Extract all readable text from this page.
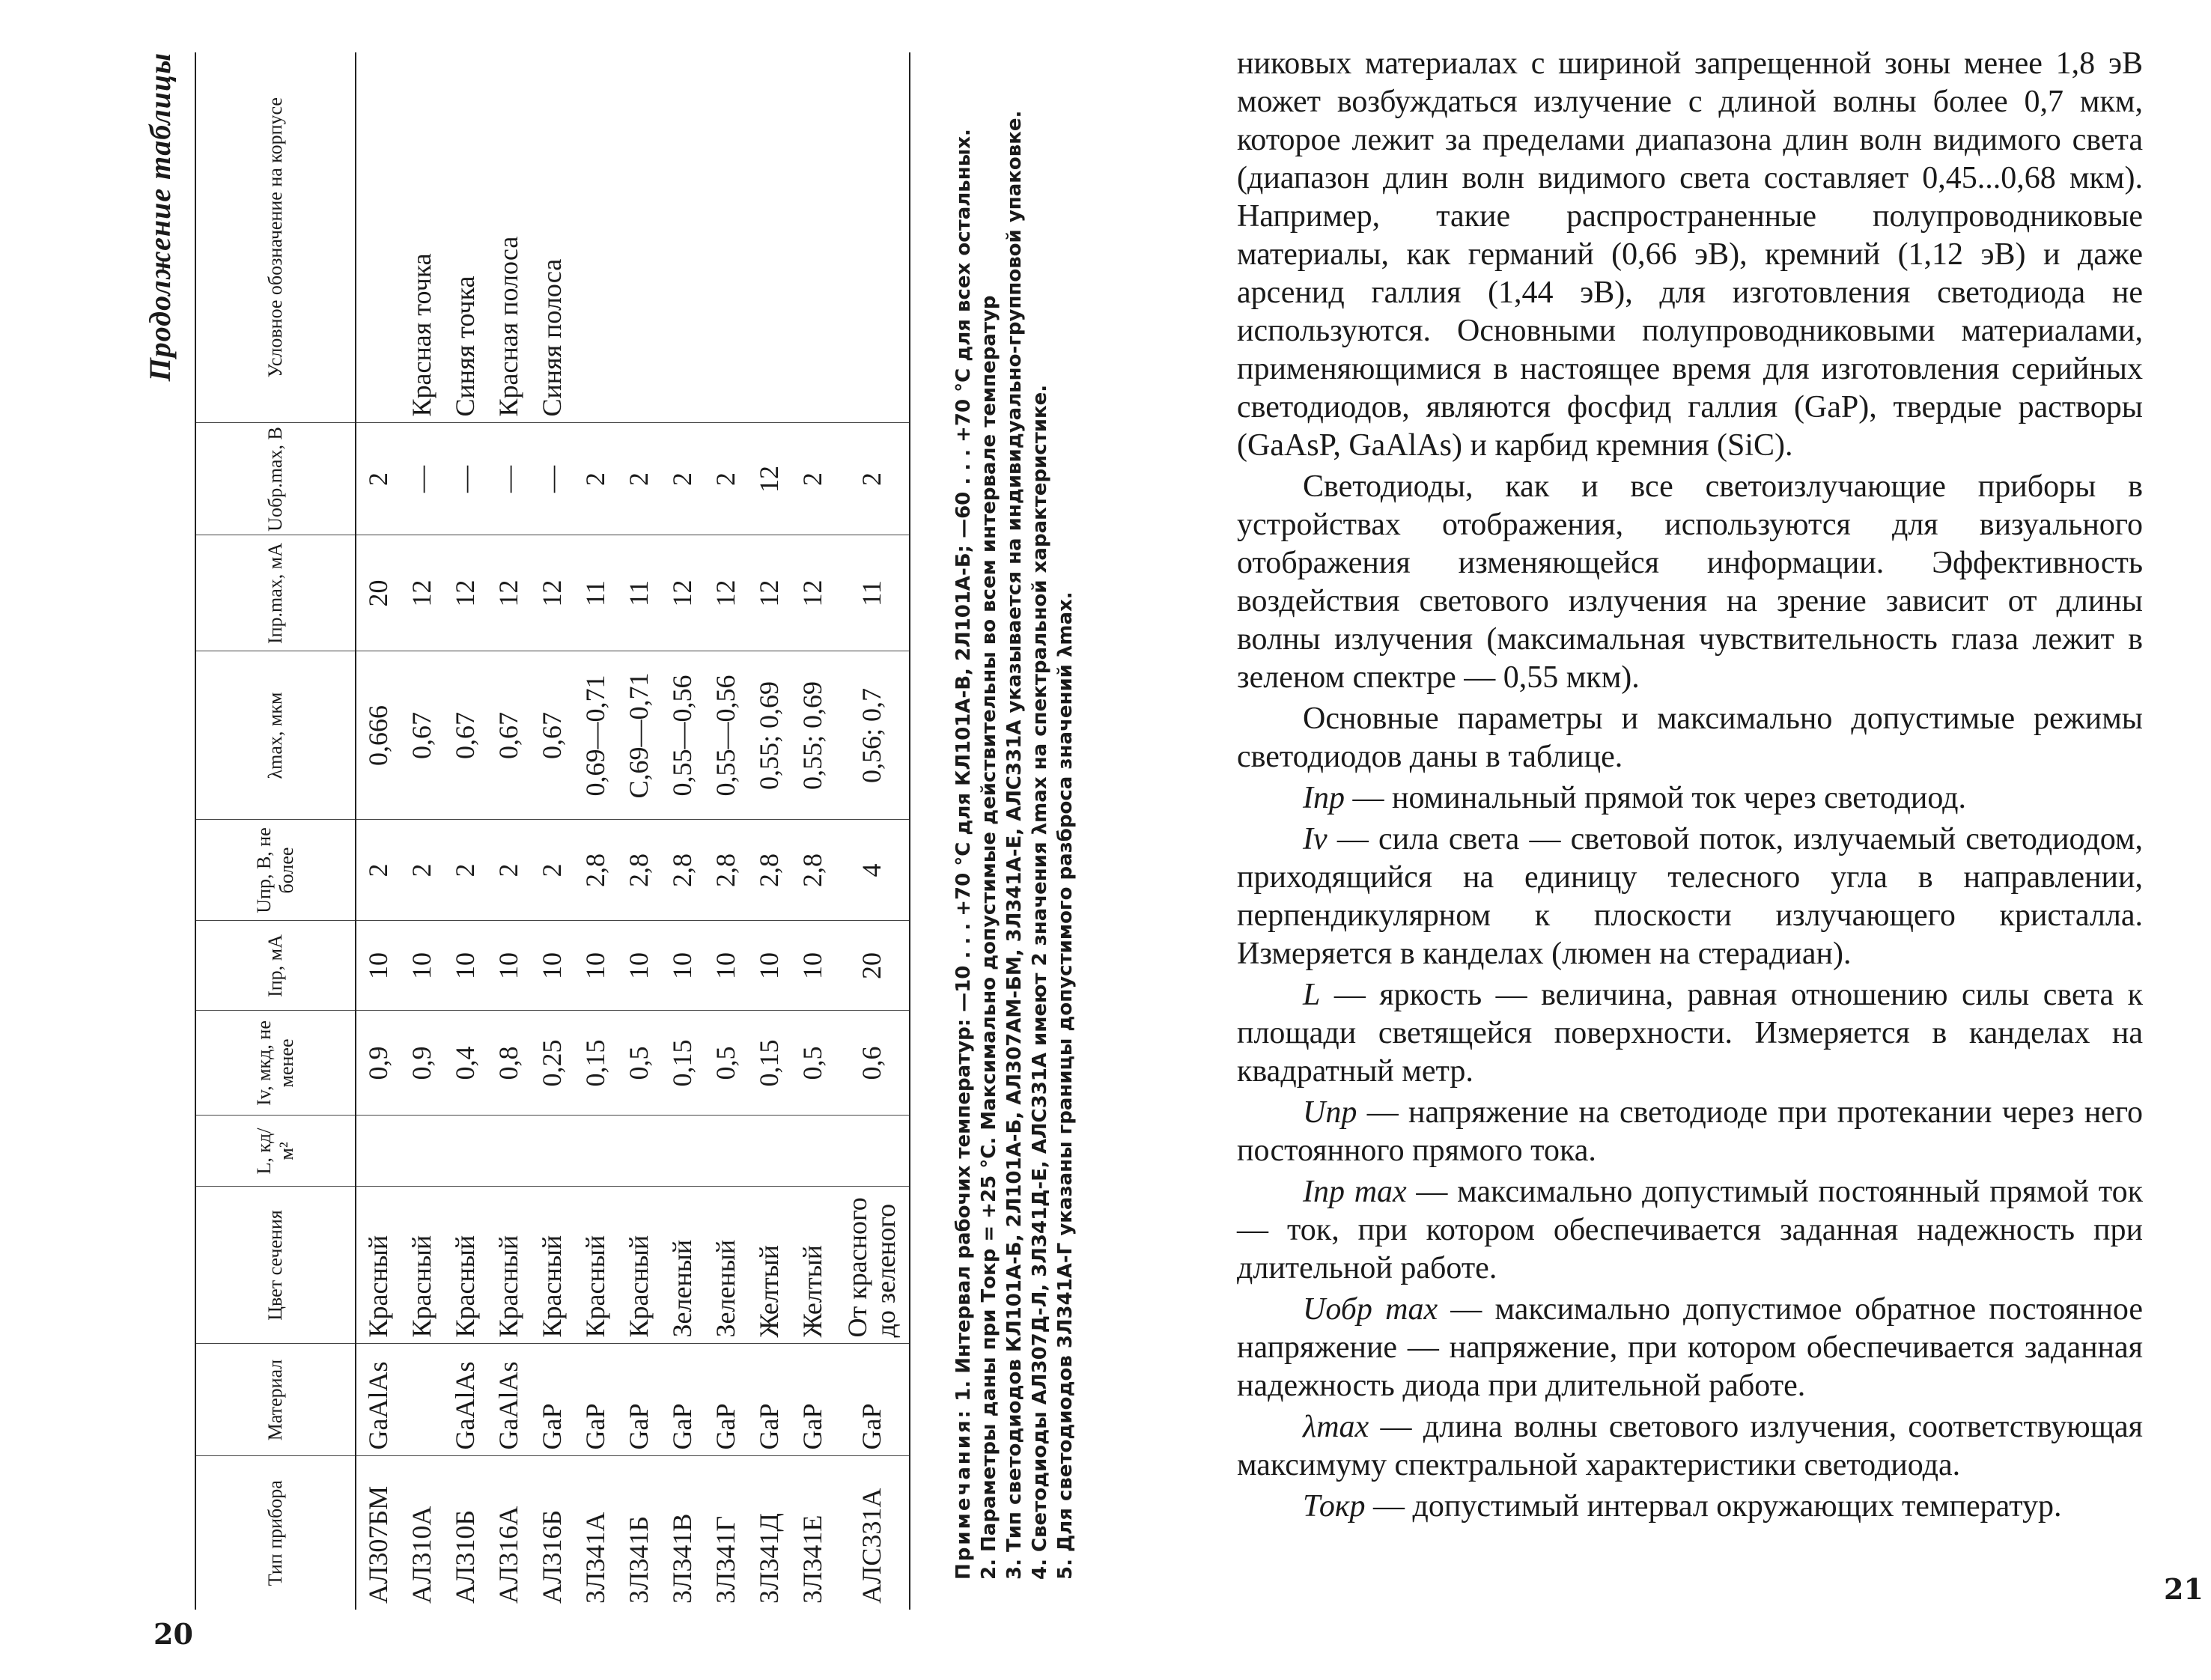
Продолжение таблицы
Тип прибора	Материал	Цвет сечения	L, кд/м²	Iv, мкд, не менее	Iпр, мА	Uпр, В, не более	λmax, мкм	Iпр.max, мА	Uобр.max, В	Условное обозначение на корпусе
АЛ307БМ	GaAlAs	Красный		0,9	10	2	0,666	20	2	
АЛ310А		Красный		0,9	10	2	0,67	12	—	Красная точка
АЛ310Б	GaAlAs	Красный		0,4	10	2	0,67	12	—	Синяя точка
АЛ316А	GaAlAs	Красный		0,8	10	2	0,67	12	—	Красная полоса
АЛ316Б	GaP	Красный		0,25	10	2	0,67	12	—	Синяя полоса
3Л341А	GaP	Красный		0,15	10	2,8	0,69—0,71	11	2	
3Л341Б	GaP	Красный		0,5	10	2,8	С,69—0,71	11	2	
3Л341В	GaP	Зеленый		0,15	10	2,8	0,55—0,56	12	2	
3Л341Г	GaP	Зеленый		0,5	10	2,8	0,55—0,56	12	2	
3Л341Д	GaP	Желтый		0,15	10	2,8	0,55; 0,69	12	12	
3Л341Е	GaP	Желтый		0,5	10	2,8	0,55; 0,69	12	2	
АЛС331А	GaP	От красного до зеленого		0,6	20	4	0,56; 0,7	11	2	

Примечания: 1. Интервал рабочих температур: —10 . . . +70 °С для КЛ101А-В, 2Л101А-Б; —60 . . . +70 °С для всех остальных. 2. Параметры даны при Токр = +25 °С. Максимально допустимые действительны во всем интервале температур 3. Тип светодиодов КЛ101А-Б, 2Л101А-Б, АЛ307АМ-БМ, 3Л341А-Е, АЛС331А указывается на индивидуально-групповой упаковке. 4. Светодиоды АЛ307Д-Л, 3Л341Д-Е, АЛС331А имеют 2 значения λmax на спектральной характеристике. 5. Для светодиодов 3Л341А-Г указаны границы допустимого разброса значений λmax.

20

никовых материалах с шириной запрещенной зоны менее 1,8 эВ может возбуждаться излучение с длиной волны более 0,7 мкм, которое лежит за пределами диапазона длин волн видимого света (диапазон длин волн видимого света составляет 0,45...0,68 мкм). Например, такие распространенные полупроводниковые материалы, как германий (0,66 эВ), кремний (1,12 эВ) и даже арсенид галлия (1,44 эВ), для изготовления светодиода не используются. Основными полупроводниковыми материалами, применяющимися в настоящее время для изготовления серийных светодиодов, являются фосфид галлия (GaP), твердые растворы (GaAsP, GaAlAs) и карбид кремния (SiC).

Светодиоды, как и все светоизлучающие приборы в устройствах отображения, используются для визуального отображения изменяющейся информации. Эффективность воздействия светового излучения на зрение зависит от длины волны излучения (максимальная чувствительность глаза лежит в зеленом спектре — 0,55 мкм).

Основные параметры и максимально допустимые режимы светодиодов даны в таблице.

Iпр — номинальный прямой ток через светодиод.

Iv — сила света — световой поток, излучаемый светодиодом, приходящийся на единицу телесного угла в направлении, перпендикулярном к плоскости излучающего кристалла. Измеряется в канделах (люмен на стерадиан).

L — яркость — величина, равная отношению силы света к площади светящейся поверхности. Измеряется в канделах на квадратный метр.

Uпр — напряжение на светодиоде при протекании через него постоянного прямого тока.

Iпр max — максимально допустимый постоянный прямой ток — ток, при котором обеспечивается заданная надежность при длительной работе.

Uобр max — максимально допустимое обратное постоянное напряжение — напряжение, при котором обеспечивается заданная надежность диода при длительной работе.

λmax — длина волны светового излучения, соответствующая максимуму спектральной характеристики светодиода.

Токр — допустимый интервал окружающих температур.

21
